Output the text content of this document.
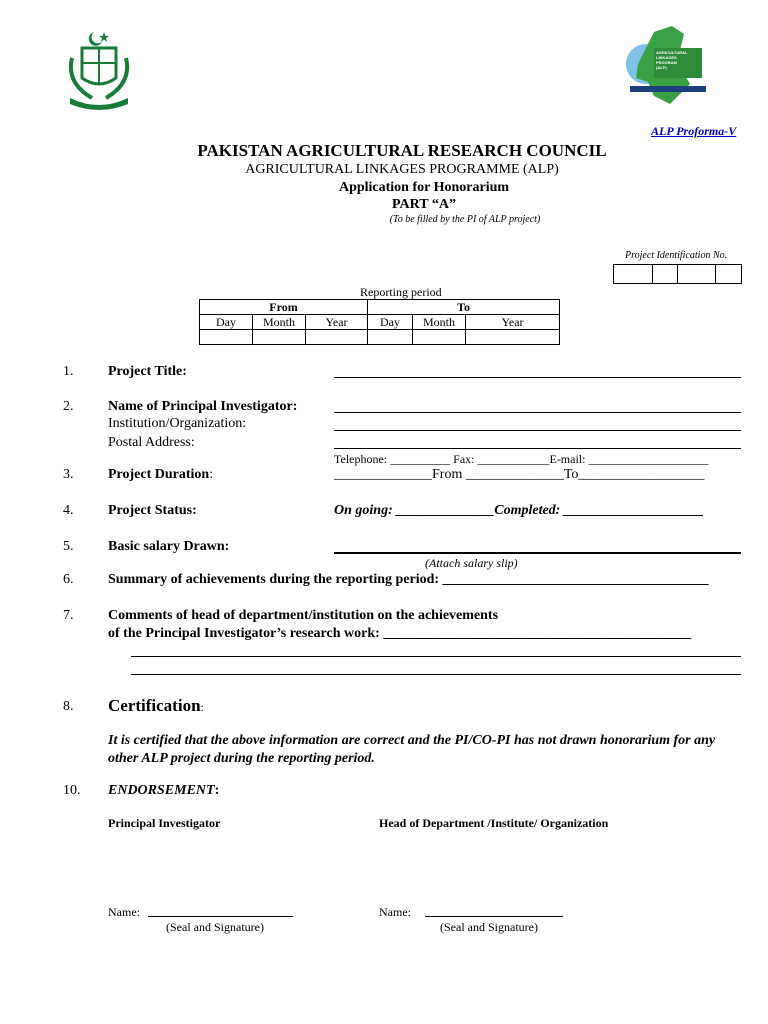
AGRICULTURAL LINKAGES PROGRAM (ALP)
ALP Proforma-V
PAKISTAN AGRICULTURAL RESEARCH COUNCIL
AGRICULTURAL LINKAGES PROGRAMME (ALP)
Application for Honorarium
PART “A”
(To be filled by the PI of ALP project)
Project Identification No.

Reporting period
From			To		
Day	Month	Year	Day	Month	Year

1. Project Title:
2. Name of Principal Investigator:
Institution/Organization:
Postal Address:
Telephone: __________ Fax: ____________E-mail: ____________________
3. Project Duration:	______________From ______________To__________________
4. Project Status:	On going: ______________Completed: ____________________
5. Basic salary Drawn:
(Attach salary slip)
6. Summary of achievements during the reporting period: ______________________________________
7. Comments of head of department/institution on the achievements
of the Principal Investigator’s research work: ____________________________________________
8. Certification:
It is certified that the above information are correct and the PI/CO-PI has not drawn honorarium for any other ALP project during the reporting period.
10. ENDORSEMENT:
Principal Investigator	Head of Department /Institute/ Organization
Name:
(Seal and Signature)
Name:
(Seal and Signature)
